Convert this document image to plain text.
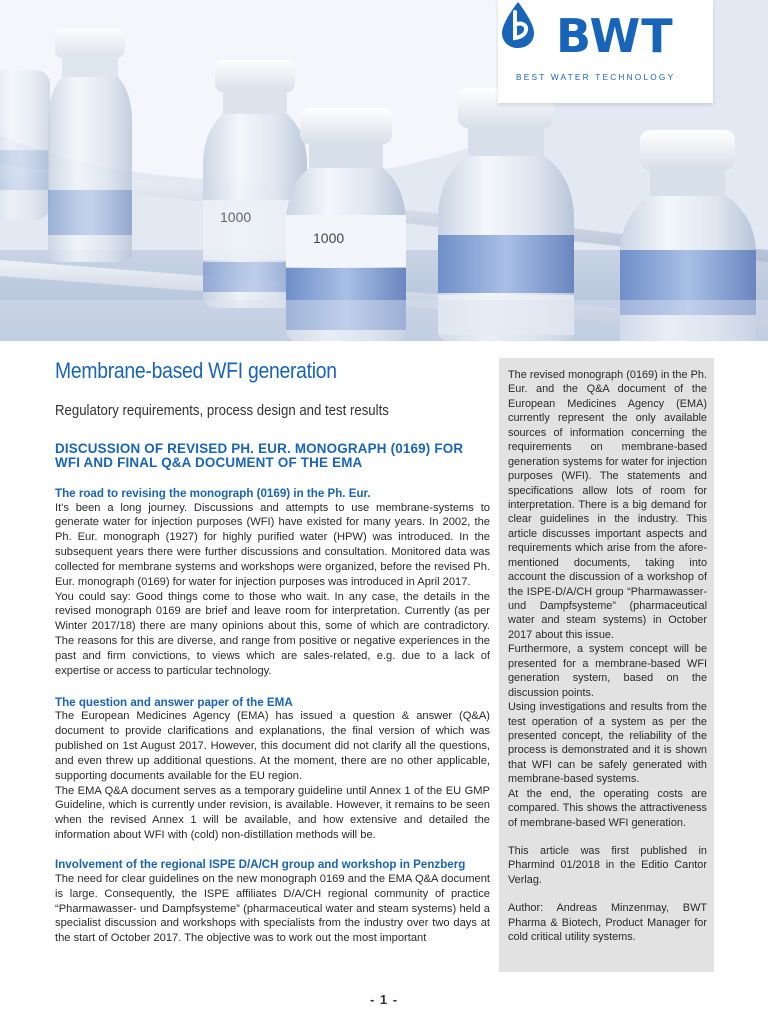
1000
1000
BWT
BEST WATER TECHNOLOGY
Membrane-based WFI generation
Regulatory requirements, process design and test results
DISCUSSION OF REVISED PH. EUR. MONOGRAPH (0169) FOR WFI AND FINAL Q&A DOCUMENT OF THE EMA
The road to revising the monograph (0169) in the Ph. Eur.

It's been a long journey. Discussions and attempts to use membrane-systems to generate water for injection purposes (WFI) have existed for many years. In 2002, the Ph. Eur. monograph (1927) for highly purified water (HPW) was introduced. In the subsequent years there were further discussions and consultation. Monitored data was collected for membrane systems and workshops were organized, before the revised Ph. Eur. monograph (0169) for water for injection purposes was introduced in April 2017.

You could say: Good things come to those who wait. In any case, the details in the revised monograph 0169 are brief and leave room for interpretation. Currently (as per Winter 2017/18) there are many opinions about this, some of which are contradictory. The reasons for this are diverse, and range from positive or negative experiences in the past and firm convictions, to views which are sales-related, e.g. due to a lack of expertise or access to particular technology.

The question and answer paper of the EMA

The European Medicines Agency (EMA) has issued a question & answer (Q&A) document to provide clarifications and explanations, the final version of which was published on 1st August 2017. However, this document did not clarify all the questions, and even threw up additional questions. At the moment, there are no other applicable, supporting documents available for the EU region.

The EMA Q&A document serves as a temporary guideline until Annex 1 of the EU GMP Guideline, which is currently under revision, is available. However, it remains to be seen when the revised Annex 1 will be available, and how extensive and detailed the information about WFI with (cold) non-distillation methods will be.

Involvement of the regional ISPE D/A/CH group and workshop in Penzberg

The need for clear guidelines on the new monograph 0169 and the EMA Q&A document is large. Consequently, the ISPE affiliates D/A/CH regional community of practice “Pharmawasser- und Dampfsysteme” (pharmaceutical water and steam systems) held a specialist discussion and workshops with specialists from the industry over two days at the start of October 2017. The objective was to work out the most important

The revised monograph (0169) in the Ph. Eur. and the Q&A document of the European Medicines Agency (EMA) currently represent the only available sources of information concerning the requirements on membrane-based generation systems for water for injection purposes (WFI). The statements and specifications allow lots of room for interpretation. There is a big demand for clear guidelines in the industry. This article discusses important aspects and requirements which arise from the afore-mentioned documents, taking into account the discussion of a workshop of the ISPE-D/A/CH group “Pharmawasser- und Dampfsysteme” (pharmaceutical water and steam systems) in October 2017 about this issue.

Furthermore, a system concept will be presented for a membrane-based WFI generation system, based on the discussion points.

Using investigations and results from the test operation of a system as per the presented concept, the reliability of the process is demonstrated and it is shown that WFI can be safely generated with membrane-based systems.

At the end, the operating costs are compared. This shows the attractiveness of membrane-based WFI generation.

This article was first published in Pharmind 01/2018 in the Editio Cantor Verlag.

Author: Andreas Minzenmay, BWT Pharma & Biotech, Product Manager for cold critical utility systems.

- 1 -
